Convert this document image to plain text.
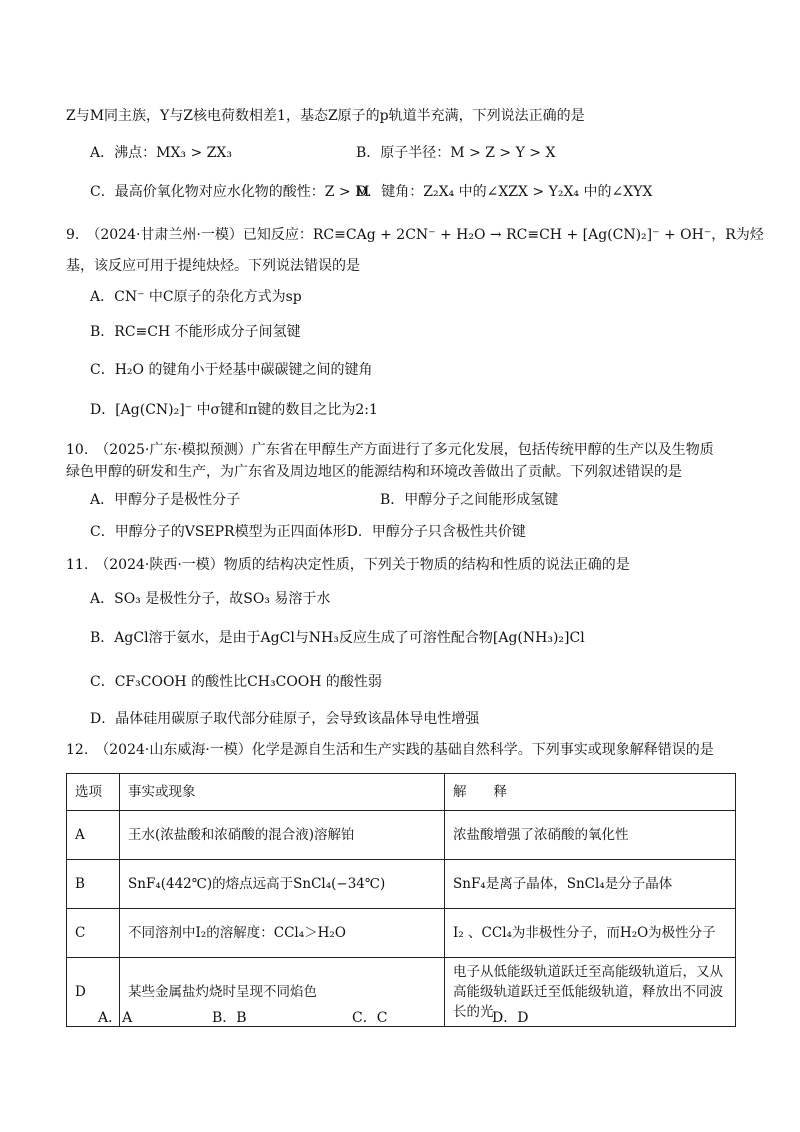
Z与M同主族，Y与Z核电荷数相差1，基态Z原子的p轨道半充满，下列说法正确的是
A．沸点：MX₃ > ZX₃	B．原子半径：M > Z > Y > X
C．最高价氧化物对应水化物的酸性：Z > M
D．键角：Z₂X₄ 中的∠XZX > Y₂X₄ 中的∠XYX
9.　（2024·甘肃兰州·一模）已知反应：RC≡CAg + 2CN⁻ + H₂O → RC≡CH + [Ag(CN)₂]⁻ + OH⁻，R为烃
基，该反应可用于提纯炔烃。下列说法错误的是
A．CN⁻ 中C原子的杂化方式为sp
B．RC≡CH 不能形成分子间氢键
C．H₂O 的键角小于烃基中碳碳键之间的键角
D．[Ag(CN)₂]⁻ 中σ键和π键的数目之比为2:1
10.　（2025·广东·模拟预测）广东省在甲醇生产方面进行了多元化发展，包括传统甲醇的生产以及生物质
绿色甲醇的研发和生产，为广东省及周边地区的能源结构和环境改善做出了贡献。下列叙述错误的是
A．甲醇分子是极性分子	B．甲醇分子之间能形成氢键
C．甲醇分子的VSEPR模型为正四面体形D．甲醇分子只含极性共价键
11.　（2024·陕西·一模）物质的结构决定性质，下列关于物质的结构和性质的说法正确的是
A．SO₃ 是极性分子，故SO₃ 易溶于水
B．AgCl溶于氨水，是由于AgCl与NH₃反应生成了可溶性配合物[Ag(NH₃)₂]Cl
C．CF₃COOH 的酸性比CH₃COOH 的酸性弱
D．晶体硅用碳原子取代部分硅原子，会导致该晶体导电性增强
12.　（2024·山东威海·一模）化学是源自生活和生产实践的基础自然科学。下列事实或现象解释错误的是
选项	事实或现象	解　　释
A	王水(浓盐酸和浓硝酸的混合液)溶解铂	浓盐酸增强了浓硝酸的氧化性
B	SnF₄(442℃)的熔点远高于SnCl₄(−34℃)	SnF₄是离子晶体，SnCl₄是分子晶体
C	不同溶剂中I₂的溶解度：CCl₄＞H₂O	I₂ 、CCl₄为非极性分子，而H₂O为极性分子
D	某些金属盐灼烧时呈现不同焰色	电子从低能级轨道跃迁至高能级轨道后，又从高能级轨道跃迁至低能级轨道，释放出不同波长的光
A．A	B．B	C．C	D．D
